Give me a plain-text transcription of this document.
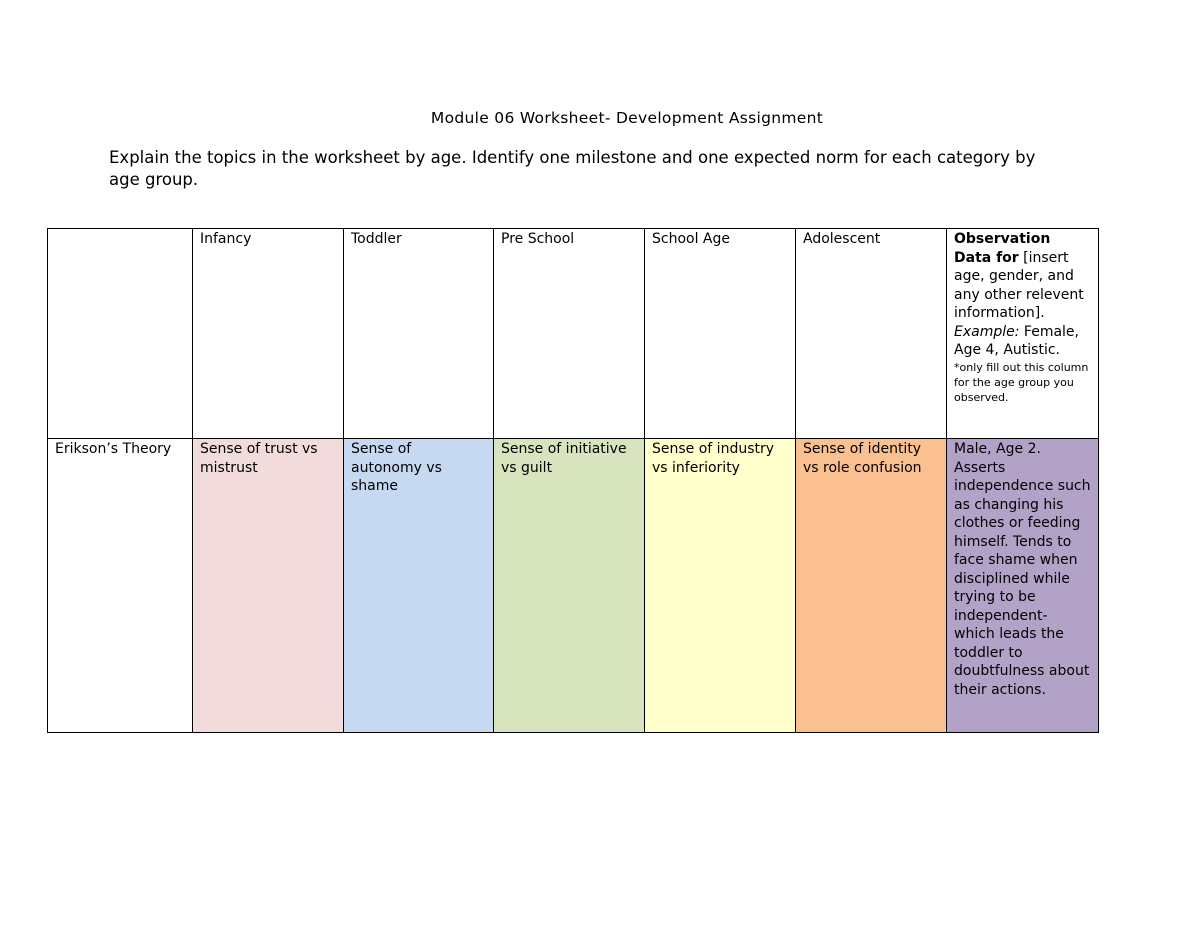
Module 06 Worksheet- Development Assignment
Explain the topics in the worksheet by age. Identify one milestone and one expected norm for each category by age group.
	Infancy	Toddler	Pre School	School Age	Adolescent	Observation Data for [insert age, gender, and any other relevent information]. Example: Female, Age 4, Autistic.
*only fill out this column for the age group you observed.

Erikson’s Theory	Sense of trust vs mistrust	Sense of autonomy vs shame	Sense of initiative vs guilt	Sense of industry vs inferiority	Sense of identity vs role confusion	Male, Age 2. Asserts independence such as changing his clothes or feeding himself. Tends to face shame when disciplined while trying to be independent- which leads the toddler to doubtfulness about their actions.
